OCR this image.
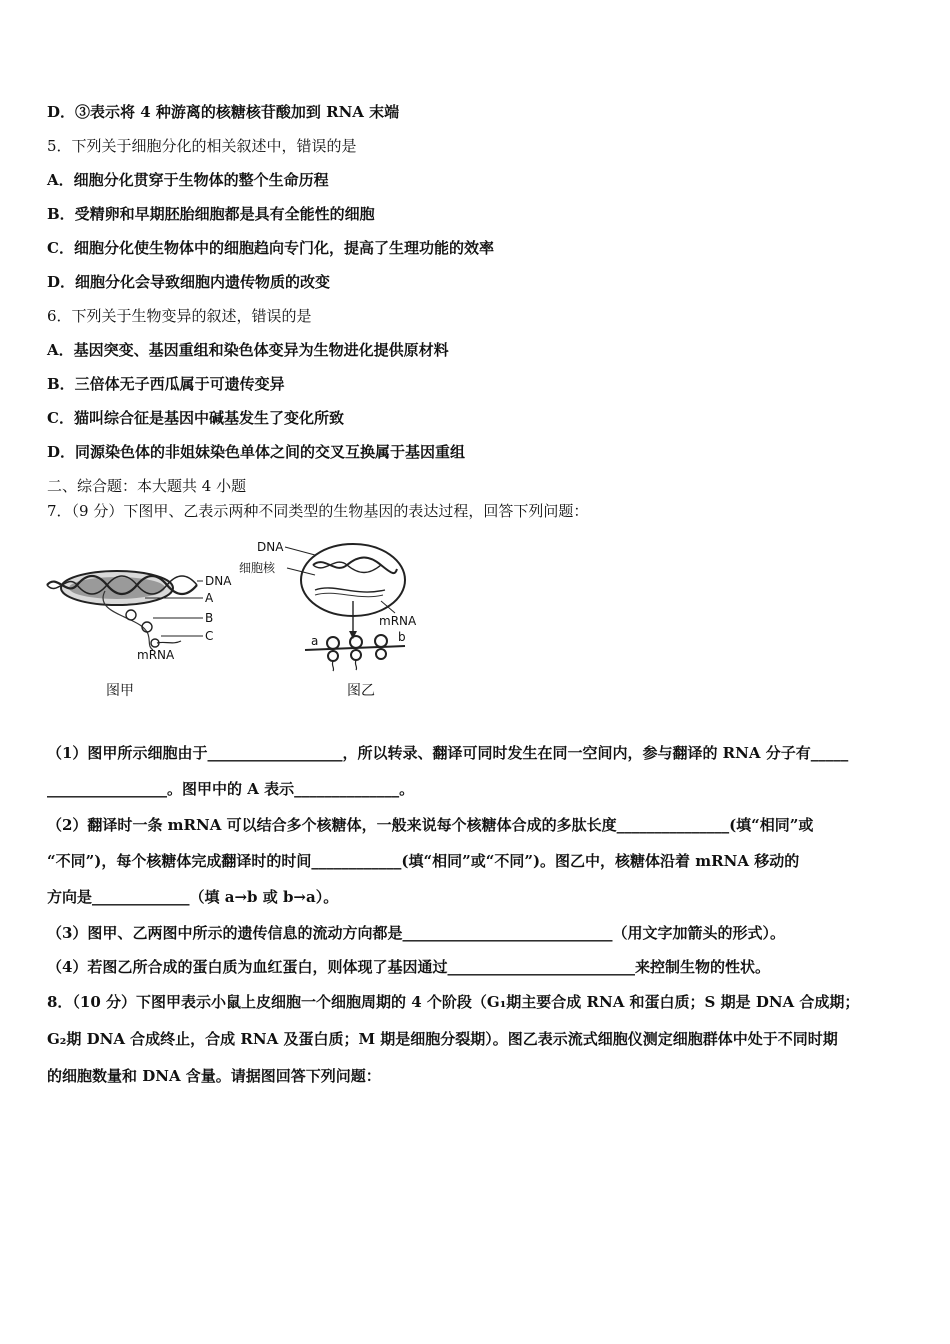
D．③表示将 4 种游离的核糖核苷酸加到 RNA 末端
5．下列关于细胞分化的相关叙述中，错误的是
A．细胞分化贯穿于生物体的整个生命历程
B．受精卵和早期胚胎细胞都是具有全能性的细胞
C．细胞分化使生物体中的细胞趋向专门化，提高了生理功能的效率
D．细胞分化会导致细胞内遗传物质的改变
6．下列关于生物变异的叙述，错误的是
A．基因突变、基因重组和染色体变异为生物进化提供原材料
B．三倍体无子西瓜属于可遗传变异
C．猫叫综合征是基因中碱基发生了变化所致
D．同源染色体的非姐妹染色单体之间的交叉互换属于基因重组
二、综合题：本大题共 4 小题
7．（9 分）下图甲、乙表示两种不同类型的生物基因的表达过程，回答下列问题：
DNA
A
B
C
mRNA
图甲
DNA
细胞核
mRNA
a	b
图乙
（1）图甲所示细胞由于__________________，所以转录、翻译可同时发生在同一空间内，参与翻译的 RNA 分子有_____
________________。图甲中的 A 表示______________。
（2）翻译时一条 mRNA 可以结合多个核糖体，一般来说每个核糖体合成的多肽长度_______________(填“相同”或
“不同”)，每个核糖体完成翻译时的时间____________(填“相同”或“不同”)。图乙中，核糖体沿着 mRNA 移动的
方向是_____________（填 a→b 或 b→a）。
（3）图甲、乙两图中所示的遗传信息的流动方向都是____________________________（用文字加箭头的形式）。
（4）若图乙所合成的蛋白质为血红蛋白，则体现了基因通过_________________________来控制生物的性状。
8．（10 分）下图甲表示小鼠上皮细胞一个细胞周期的 4 个阶段（G₁期主要合成 RNA 和蛋白质；S 期是 DNA 合成期；
G₂期 DNA 合成终止，合成 RNA 及蛋白质；M 期是细胞分裂期）。图乙表示流式细胞仪测定细胞群体中处于不同时期
的细胞数量和 DNA 含量。请据图回答下列问题：
